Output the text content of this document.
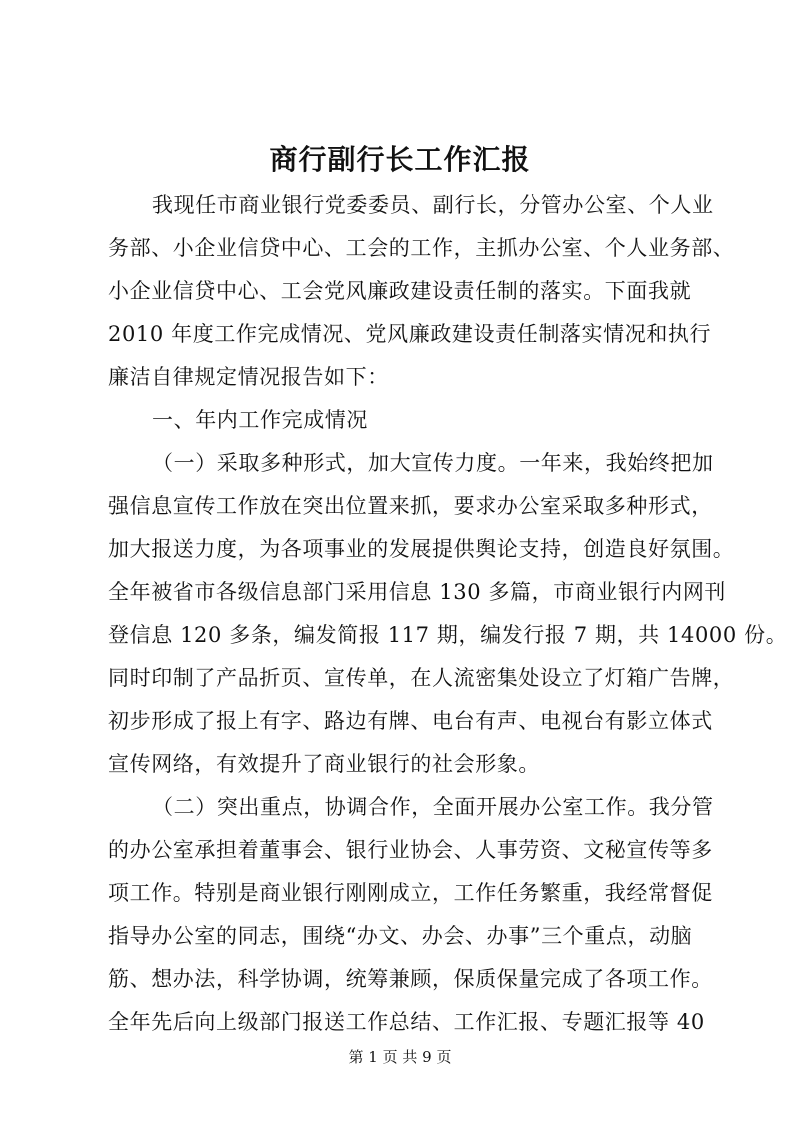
商行副行长工作汇报
我现任市商业银行党委委员、副行长，分管办公室、个人业
务部、小企业信贷中心、工会的工作，主抓办公室、个人业务部、
小企业信贷中心、工会党风廉政建设责任制的落实。下面我就
2010 年度工作完成情况、党风廉政建设责任制落实情况和执行
廉洁自律规定情况报告如下：
一、年内工作完成情况
（一）采取多种形式，加大宣传力度。一年来，我始终把加
强信息宣传工作放在突出位置来抓，要求办公室采取多种形式，
加大报送力度，为各项事业的发展提供舆论支持，创造良好氛围。
全年被省市各级信息部门采用信息 130 多篇，市商业银行内网刊
登信息 120 多条，编发简报 117 期，编发行报 7 期，共 14000 份。
同时印制了产品折页、宣传单，在人流密集处设立了灯箱广告牌，
初步形成了报上有字、路边有牌、电台有声、电视台有影立体式
宣传网络，有效提升了商业银行的社会形象。
（二）突出重点，协调合作，全面开展办公室工作。我分管
的办公室承担着董事会、银行业协会、人事劳资、文秘宣传等多
项工作。特别是商业银行刚刚成立，工作任务繁重，我经常督促
指导办公室的同志，围绕“办文、办会、办事”三个重点，动脑
筋、想办法，科学协调，统筹兼顾，保质保量完成了各项工作。
全年先后向上级部门报送工作总结、工作汇报、专题汇报等 40
第 1 页 共 9 页
